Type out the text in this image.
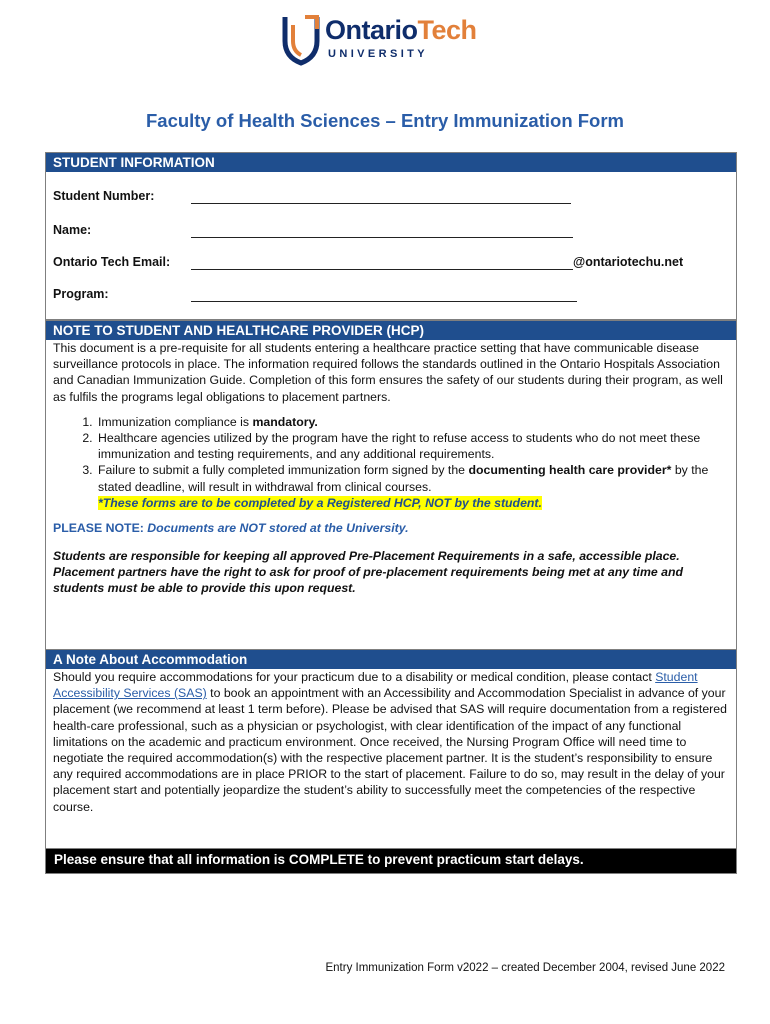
OntarioTech
UNIVERSITY
Faculty of Health Sciences – Entry Immunization Form
STUDENT INFORMATION
Student Number:
Name:
Ontario Tech Email:	@ontariotechu.net
Program:
NOTE TO STUDENT AND HEALTHCARE PROVIDER (HCP)
This document is a pre-requisite for all students entering a healthcare practice setting that have communicable disease surveillance protocols in place. The information required follows the standards outlined in the Ontario Hospitals Association and Canadian Immunization Guide. Completion of this form ensures the safety of our students during their program, as well as fulfils the programs legal obligations to placement partners.
1. Immunization compliance is mandatory.
2. Healthcare agencies utilized by the program have the right to refuse access to students who do not meet these immunization and testing requirements, and any additional requirements.
3. Failure to submit a fully completed immunization form signed by the documenting health care provider* by the stated deadline, will result in withdrawal from clinical courses.
*These forms are to be completed by a Registered HCP, NOT by the student.
PLEASE NOTE: Documents are NOT stored at the University.
Students are responsible for keeping all approved Pre-Placement Requirements in a safe, accessible place. Placement partners have the right to ask for proof of pre-placement requirements being met at any time and students must be able to provide this upon request.
A Note About Accommodation
Should you require accommodations for your practicum due to a disability or medical condition, please contact Student Accessibility Services (SAS) to book an appointment with an Accessibility and Accommodation Specialist in advance of your placement (we recommend at least 1 term before). Please be advised that SAS will require documentation from a registered health-care professional, such as a physician or psychologist, with clear identification of the impact of any functional limitations on the academic and practicum environment. Once received, the Nursing Program Office will need time to negotiate the required accommodation(s) with the respective placement partner. It is the student’s responsibility to ensure any required accommodations are in place PRIOR to the start of placement. Failure to do so, may result in the delay of your placement start and potentially jeopardize the student’s ability to successfully meet the competencies of the respective course.
Please ensure that all information is COMPLETE to prevent practicum start delays.
Entry Immunization Form v2022 – created December 2004, revised June 2022
